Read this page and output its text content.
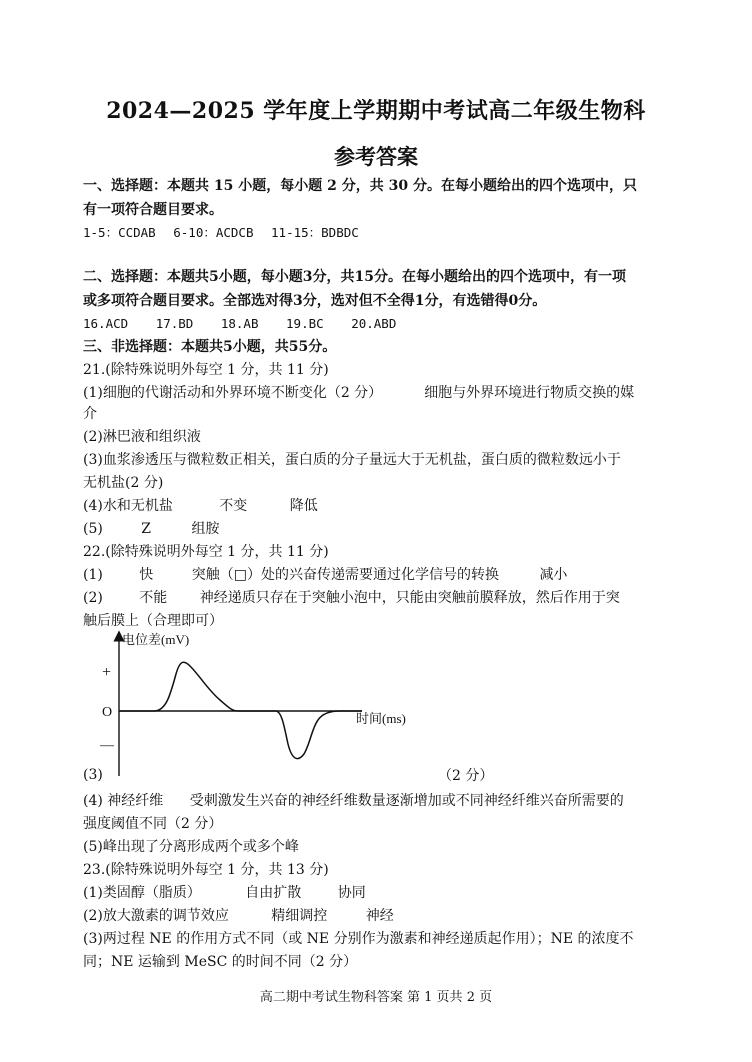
2024—2025 学年度上学期期中考试高二年级生物科
参考答案
一、选择题：本题共 15 小题，每小题 2 分，共 30 分。在每小题给出的四个选项中，只
有一项符合题目要求。
1-5：CCDAB 6-10：ACDCB 11-15：BDBDC
二、选择题：本题共5小题，每小题3分，共15分。在每小题给出的四个选项中，有一项
或多项符合题目要求。全部选对得3分，选对但不全得1分，有选错得0分。
16.ACD 17.BD 18.AB 19.BC 20.ABD
三、非选择题：本题共5小题，共55分。
21.(除特殊说明外每空 1 分，共 11 分)
(1)细胞的代谢活动和外界环境不断变化（2 分）	细胞与外界环境进行物质交换的媒
介
(2)淋巴液和组织液
(3)血浆渗透压与微粒数正相关，蛋白质的分子量远大于无机盐，蛋白质的微粒数远小于
无机盐(2 分)
(4)水和无机盐	不变	降低
(5)	Z	组胺
22.(除特殊说明外每空 1 分，共 11 分)
(1)	快	突触（□）处的兴奋传递需要通过化学信号的转换	减小
(2)	不能 神经递质只存在于突触小泡中，只能由突触前膜释放，然后作用于突
触后膜上（合理即可）
电位差(mV)
时间(ms)
+
O
—
(3)	（2 分）
(4) 神经纤维 受刺激发生兴奋的神经纤维数量逐渐增加或不同神经纤维兴奋所需要的
强度阈值不同（2 分）
(5)峰出现了分离形成两个或多个峰
23.(除特殊说明外每空 1 分，共 13 分)
(1)类固醇（脂质）	自由扩散	协同
(2)放大激素的调节效应	精细调控	神经
(3)两过程 NE 的作用方式不同（或 NE 分别作为激素和神经递质起作用）；NE 的浓度不
同；NE 运输到 MeSC 的时间不同（2 分）
高二期中考试生物科答案 第 1 页共 2 页
